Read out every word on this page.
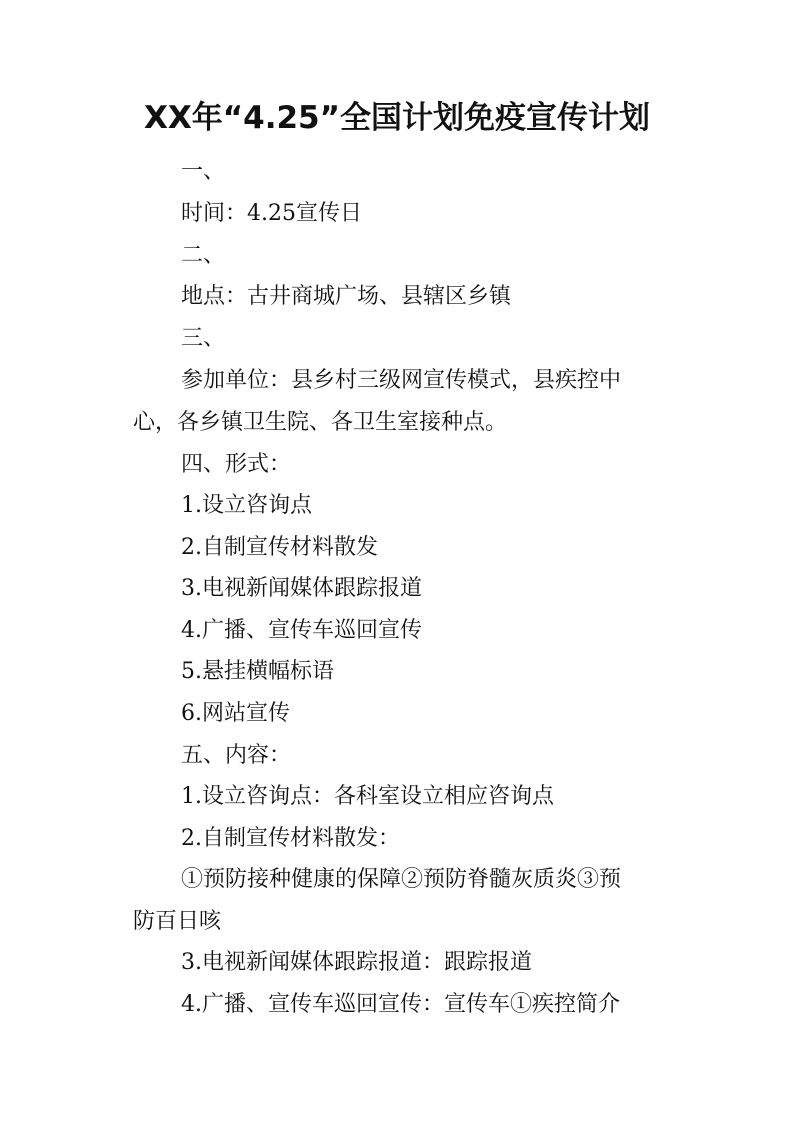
XX年“4.25”全国计划免疫宣传计划
一、
时间：4.25宣传日
二、
地点：古井商城广场、县辖区乡镇
三、
参加单位：县乡村三级网宣传模式，县疾控中
心，各乡镇卫生院、各卫生室接种点。
四、形式：
1.设立咨询点
2.自制宣传材料散发
3.电视新闻媒体跟踪报道
4.广播、宣传车巡回宣传
5.悬挂横幅标语
6.网站宣传
五、内容：
1.设立咨询点：各科室设立相应咨询点
2.自制宣传材料散发：
①预防接种健康的保障②预防脊髓灰质炎③预
防百日咳
3.电视新闻媒体跟踪报道：跟踪报道
4.广播、宣传车巡回宣传：宣传车①疾控简介
